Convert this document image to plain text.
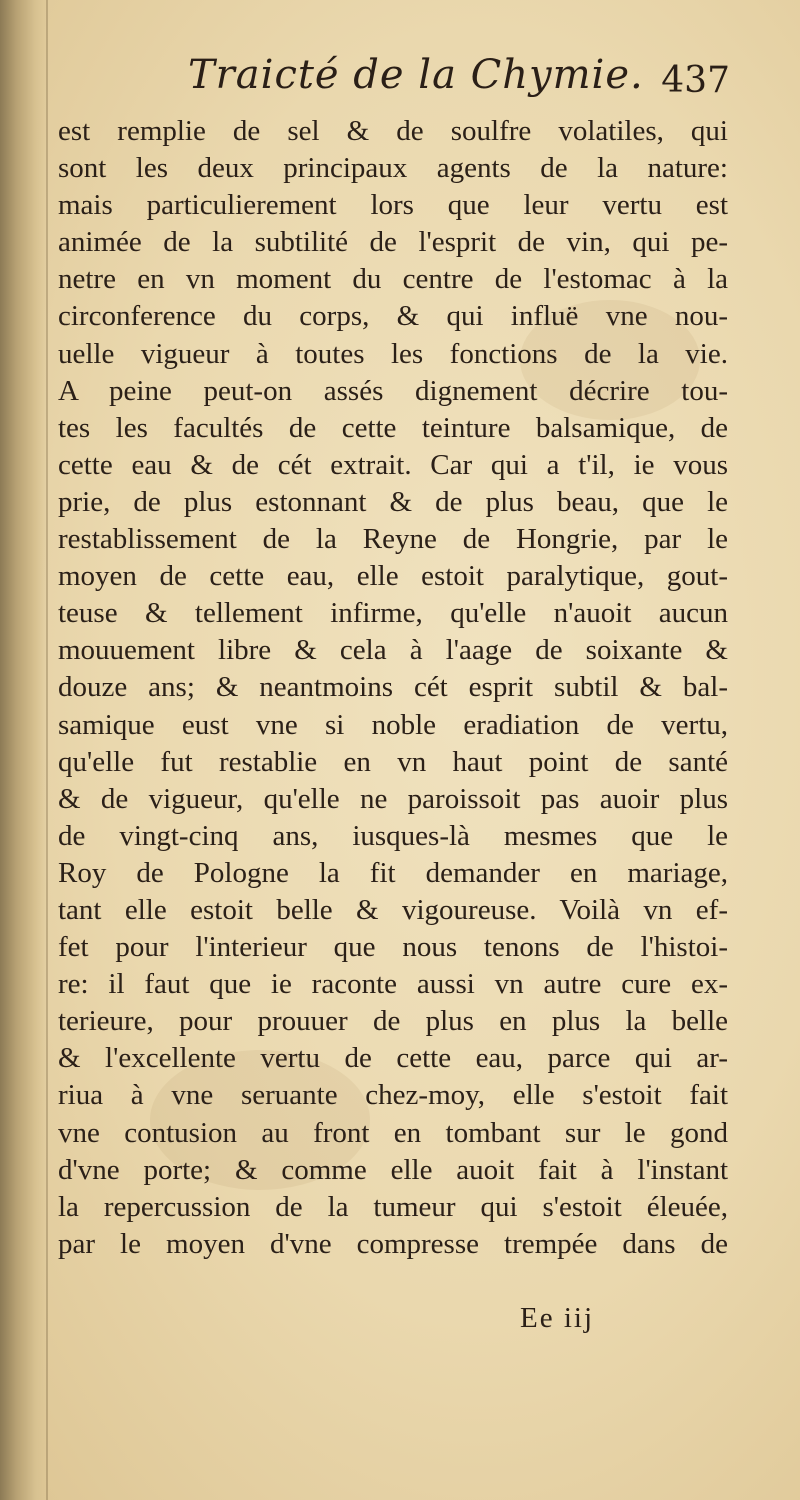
Traicté de la Chymie. 437
est remplie de sel & de soulfre volatiles, qui
sont les deux principaux agents de la nature:
mais particulierement lors que leur vertu est
animée de la subtilité de l'esprit de vin, qui pe-
netre en vn moment du centre de l'estomac à la
circonference du corps, & qui influë vne nou-
uelle vigueur à toutes les fonctions de la vie.
A peine peut-on assés dignement décrire tou-
tes les facultés de cette teinture balsamique, de
cette eau & de cét extrait. Car qui a t'il, ie vous
prie, de plus estonnant & de plus beau, que le
restablissement de la Reyne de Hongrie, par le
moyen de cette eau, elle estoit paralytique, gout-
teuse & tellement infirme, qu'elle n'auoit aucun
mouuement libre & cela à l'aage de soixante &
douze ans; & neantmoins cét esprit subtil & bal-
samique eust vne si noble eradiation de vertu,
qu'elle fut restablie en vn haut point de santé
& de vigueur, qu'elle ne paroissoit pas auoir plus
de vingt-cinq ans, iusques-là mesmes que le
Roy de Pologne la fit demander en mariage,
tant elle estoit belle & vigoureuse. Voilà vn ef-
fet pour l'interieur que nous tenons de l'histoi-
re: il faut que ie raconte aussi vn autre cure ex-
terieure, pour prouuer de plus en plus la belle
& l'excellente vertu de cette eau, parce qui ar-
riua à vne seruante chez-moy, elle s'estoit fait
vne contusion au front en tombant sur le gond
d'vne porte; & comme elle auoit fait à l'instant
la repercussion de la tumeur qui s'estoit éleuée,
par le moyen d'vne compresse trempée dans de
Ee iij
